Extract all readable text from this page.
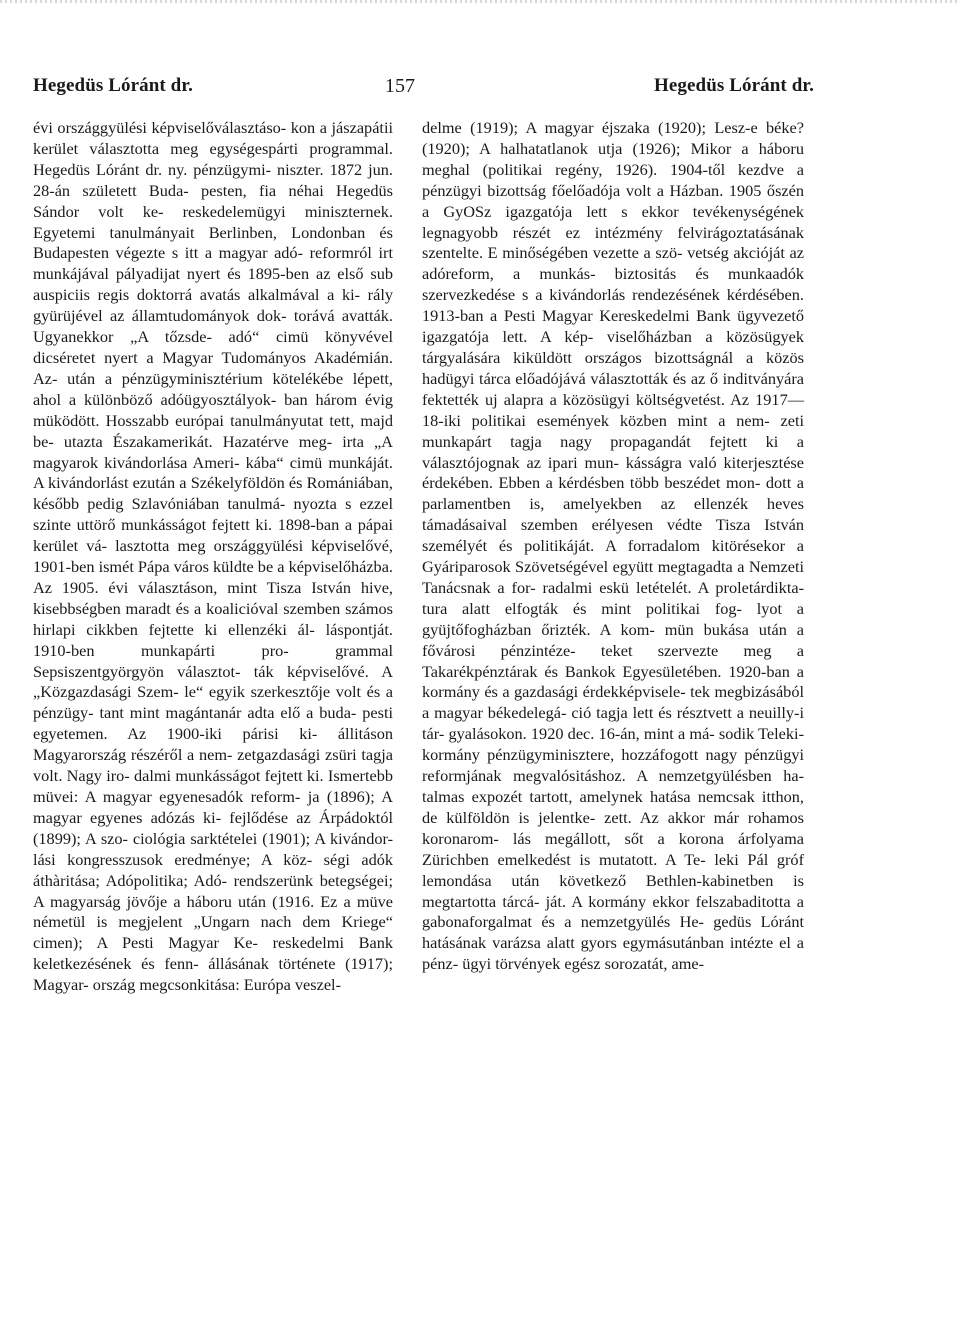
Hegedüs Lóránt dr.	157	Hegedüs Lóránt dr.

évi országgyülési képviselőválasztáso- kon a jászapátii kerület választotta meg egységespárti programmal. Hegedüs Lóránt dr. ny. pénzügymi- niszter. 1872 jun. 28-án született Buda- pesten, fia néhai Hegedüs Sándor volt ke- reskedelemügyi miniszternek. Egyetemi tanulmányait Berlinben, Londonban és Budapesten végezte s itt a magyar adó- reformról irt munkájával pályadijat nyert és 1895-ben az első sub auspiciis regis doktorrá avatás alkalmával a ki- rály gyürüjével az államtudományok dok- torává avatták. Ugyanekkor „A tőzsde- adó“ cimü könyvével dicséretet nyert a Magyar Tudományos Akadémián. Az- után a pénzügyminisztérium kötelékébe lépett, ahol a különböző adóügyosztályok- ban három évig müködött. Hosszabb európai tanulmányutat tett, majd be- utazta Északamerikát. Hazatérve meg- irta „A magyarok kivándorlása Ameri- kába“ cimü munkáját. A kivándorlást ezután a Székelyföldön és Romániában, később pedig Szlavóniában tanulmá- nyozta s ezzel szinte uttörő munkásságot fejtett ki. 1898-ban a pápai kerület vá- lasztotta meg országgyülési képviselővé, 1901-ben ismét Pápa város küldte be a képviselőházba. Az 1905. évi választáson, mint Tisza István hive, kisebbségben maradt és a koalicióval szemben számos hirlapi cikkben fejtette ki ellenzéki ál- láspontját. 1910-ben munkapárti pro- grammal Sepsiszentgyörgyön választot- ták képviselővé. A „Közgazdasági Szem- le“ egyik szerkesztője volt és a pénzügy- tant mint magántanár adta elő a buda- pesti egyetemen. Az 1900-iki párisi ki- állitáson Magyarország részéről a nem- zetgazdasági zsüri tagja volt. Nagy iro- dalmi munkásságot fejtett ki. Ismertebb müvei: A magyar egyenesadók reform- ja (1896); A magyar egyenes adózás ki- fejlődése az Árpádoktól (1899); A szo- ciológia sarktételei (1901); A kivándor- lási kongresszusok eredménye; A köz- ségi adók áthàritása; Adópolitika; Adó- rendszerünk betegségei; A magyarság jövője a háboru után (1916. Ez a müve németül is megjelent „Ungarn nach dem Kriege“ cimen); A Pesti Magyar Ke- reskedelmi Bank keletkezésének és fenn- állásának története (1917); Magyar- ország megcsonkitása: Európa veszel-

delme (1919); A magyar éjszaka (1920); Lesz-e béke? (1920); A halhatatlanok utja (1926); Mikor a háboru meghal (politikai regény, 1926). 1904-től kezdve a pénzügyi bizottság főelőadója volt a Házban. 1905 őszén a GyOSz igazgatója lett s ekkor tevékenységének legnagyobb részét ez intézmény felvirágoztatásának szentelte. E minőségében vezette a szö- vetség akcióját az adóreform, a munkás- biztositás és munkaadók szervezkedése s a kivándorlás rendezésének kérdésében. 1913-ban a Pesti Magyar Kereskedelmi Bank ügyvezető igazgatója lett. A kép- viselőházban a közösügyek tárgyalására kiküldött országos bizottságnál a közös hadügyi tárca előadójává választották és az ő inditványára fektették uj alapra a közösügyi költségvetést. Az 1917—18-iki politikai események közben mint a nem- zeti munkapárt tagja nagy propagandát fejtett ki a választójognak az ipari mun- kásságra való kiterjesztése érdekében. Ebben a kérdésben több beszédet mon- dott a parlamentben is, amelyekben az ellenzék heves támadásaival szemben erélyesen védte Tisza István személyét és politikáját. A forradalom kitörésekor a Gyáriparosok Szövetségével együtt megtagadta a Nemzeti Tanácsnak a for- radalmi eskü letételét. A proletárdikta- tura alatt elfogták és mint politikai fog- lyot a gyüjtőfogházban őrizték. A kom- mün bukása után a fővárosi pénzintéze- teket szervezte meg a Takarékpénztárak és Bankok Egyesületében. 1920-ban a kormány és a gazdasági érdekképvisele- tek megbizásából a magyar békedelegá- ció tagja lett és résztvett a neuilly-i tár- gyalásokon. 1920 dec. 16-án, mint a má- sodik Teleki-kormány pénzügyminisztere, hozzáfogott nagy pénzügyi reformjának megvalósitáshoz. A nemzetgyülésben ha- talmas expozét tartott, amelynek hatása nemcsak itthon, de külföldön is jelentke- zett. Az akkor már rohamos koronarom- lás megállott, sőt a korona árfolyama Zürichben emelkedést is mutatott. A Te- leki Pál gróf lemondása után következő Bethlen-kabinetben is megtartotta tárcá- ját. A kormány ekkor felszabaditotta a gabonaforgalmat és a nemzetgyülés He- gedüs Lóránt hatásának varázsa alatt gyors egymásutánban intézte el a pénz- ügyi törvények egész sorozatát, ame-
